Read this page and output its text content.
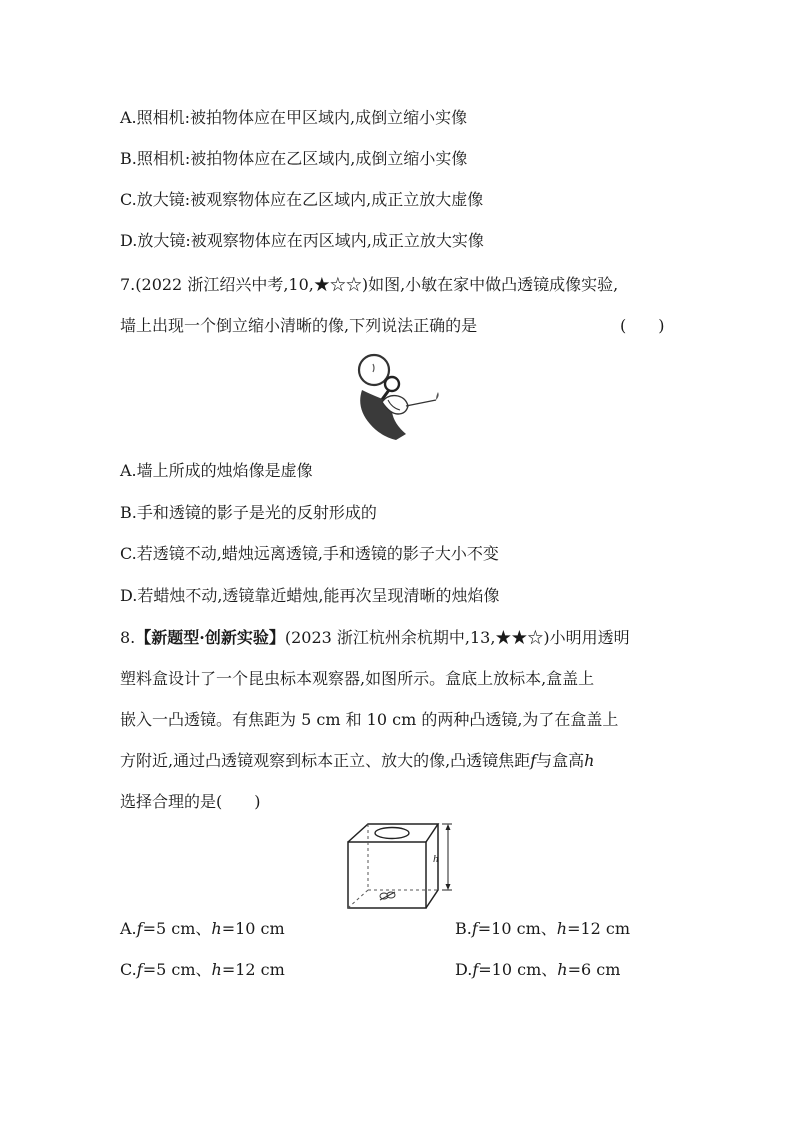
A.照相机:被拍物体应在甲区域内,成倒立缩小实像
B.照相机:被拍物体应在乙区域内,成倒立缩小实像
C.放大镜:被观察物体应在乙区域内,成正立放大虚像
D.放大镜:被观察物体应在丙区域内,成正立放大实像
7.(2022 浙江绍兴中考,10,★☆☆)如图,小敏在家中做凸透镜成像实验,
墙上出现一个倒立缩小清晰的像,下列说法正确的是	(　　)
A.墙上所成的烛焰像是虚像
B.手和透镜的影子是光的反射形成的
C.若透镜不动,蜡烛远离透镜,手和透镜的影子大小不变
D.若蜡烛不动,透镜靠近蜡烛,能再次呈现清晰的烛焰像
8.【新题型·创新实验】(2023 浙江杭州余杭期中,13,★★☆)小明用透明
塑料盒设计了一个昆虫标本观察器,如图所示。盒底上放标本,盒盖上
嵌入一凸透镜。有焦距为 5 cm 和 10 cm 的两种凸透镜,为了在盒盖上
方附近,通过凸透镜观察到标本正立、放大的像,凸透镜焦距f与盒高h
选择合理的是(　　)
h
A.f=5 cm、h=10 cm	B.f=10 cm、h=12 cm
C.f=5 cm、h=12 cm	D.f=10 cm、h=6 cm
